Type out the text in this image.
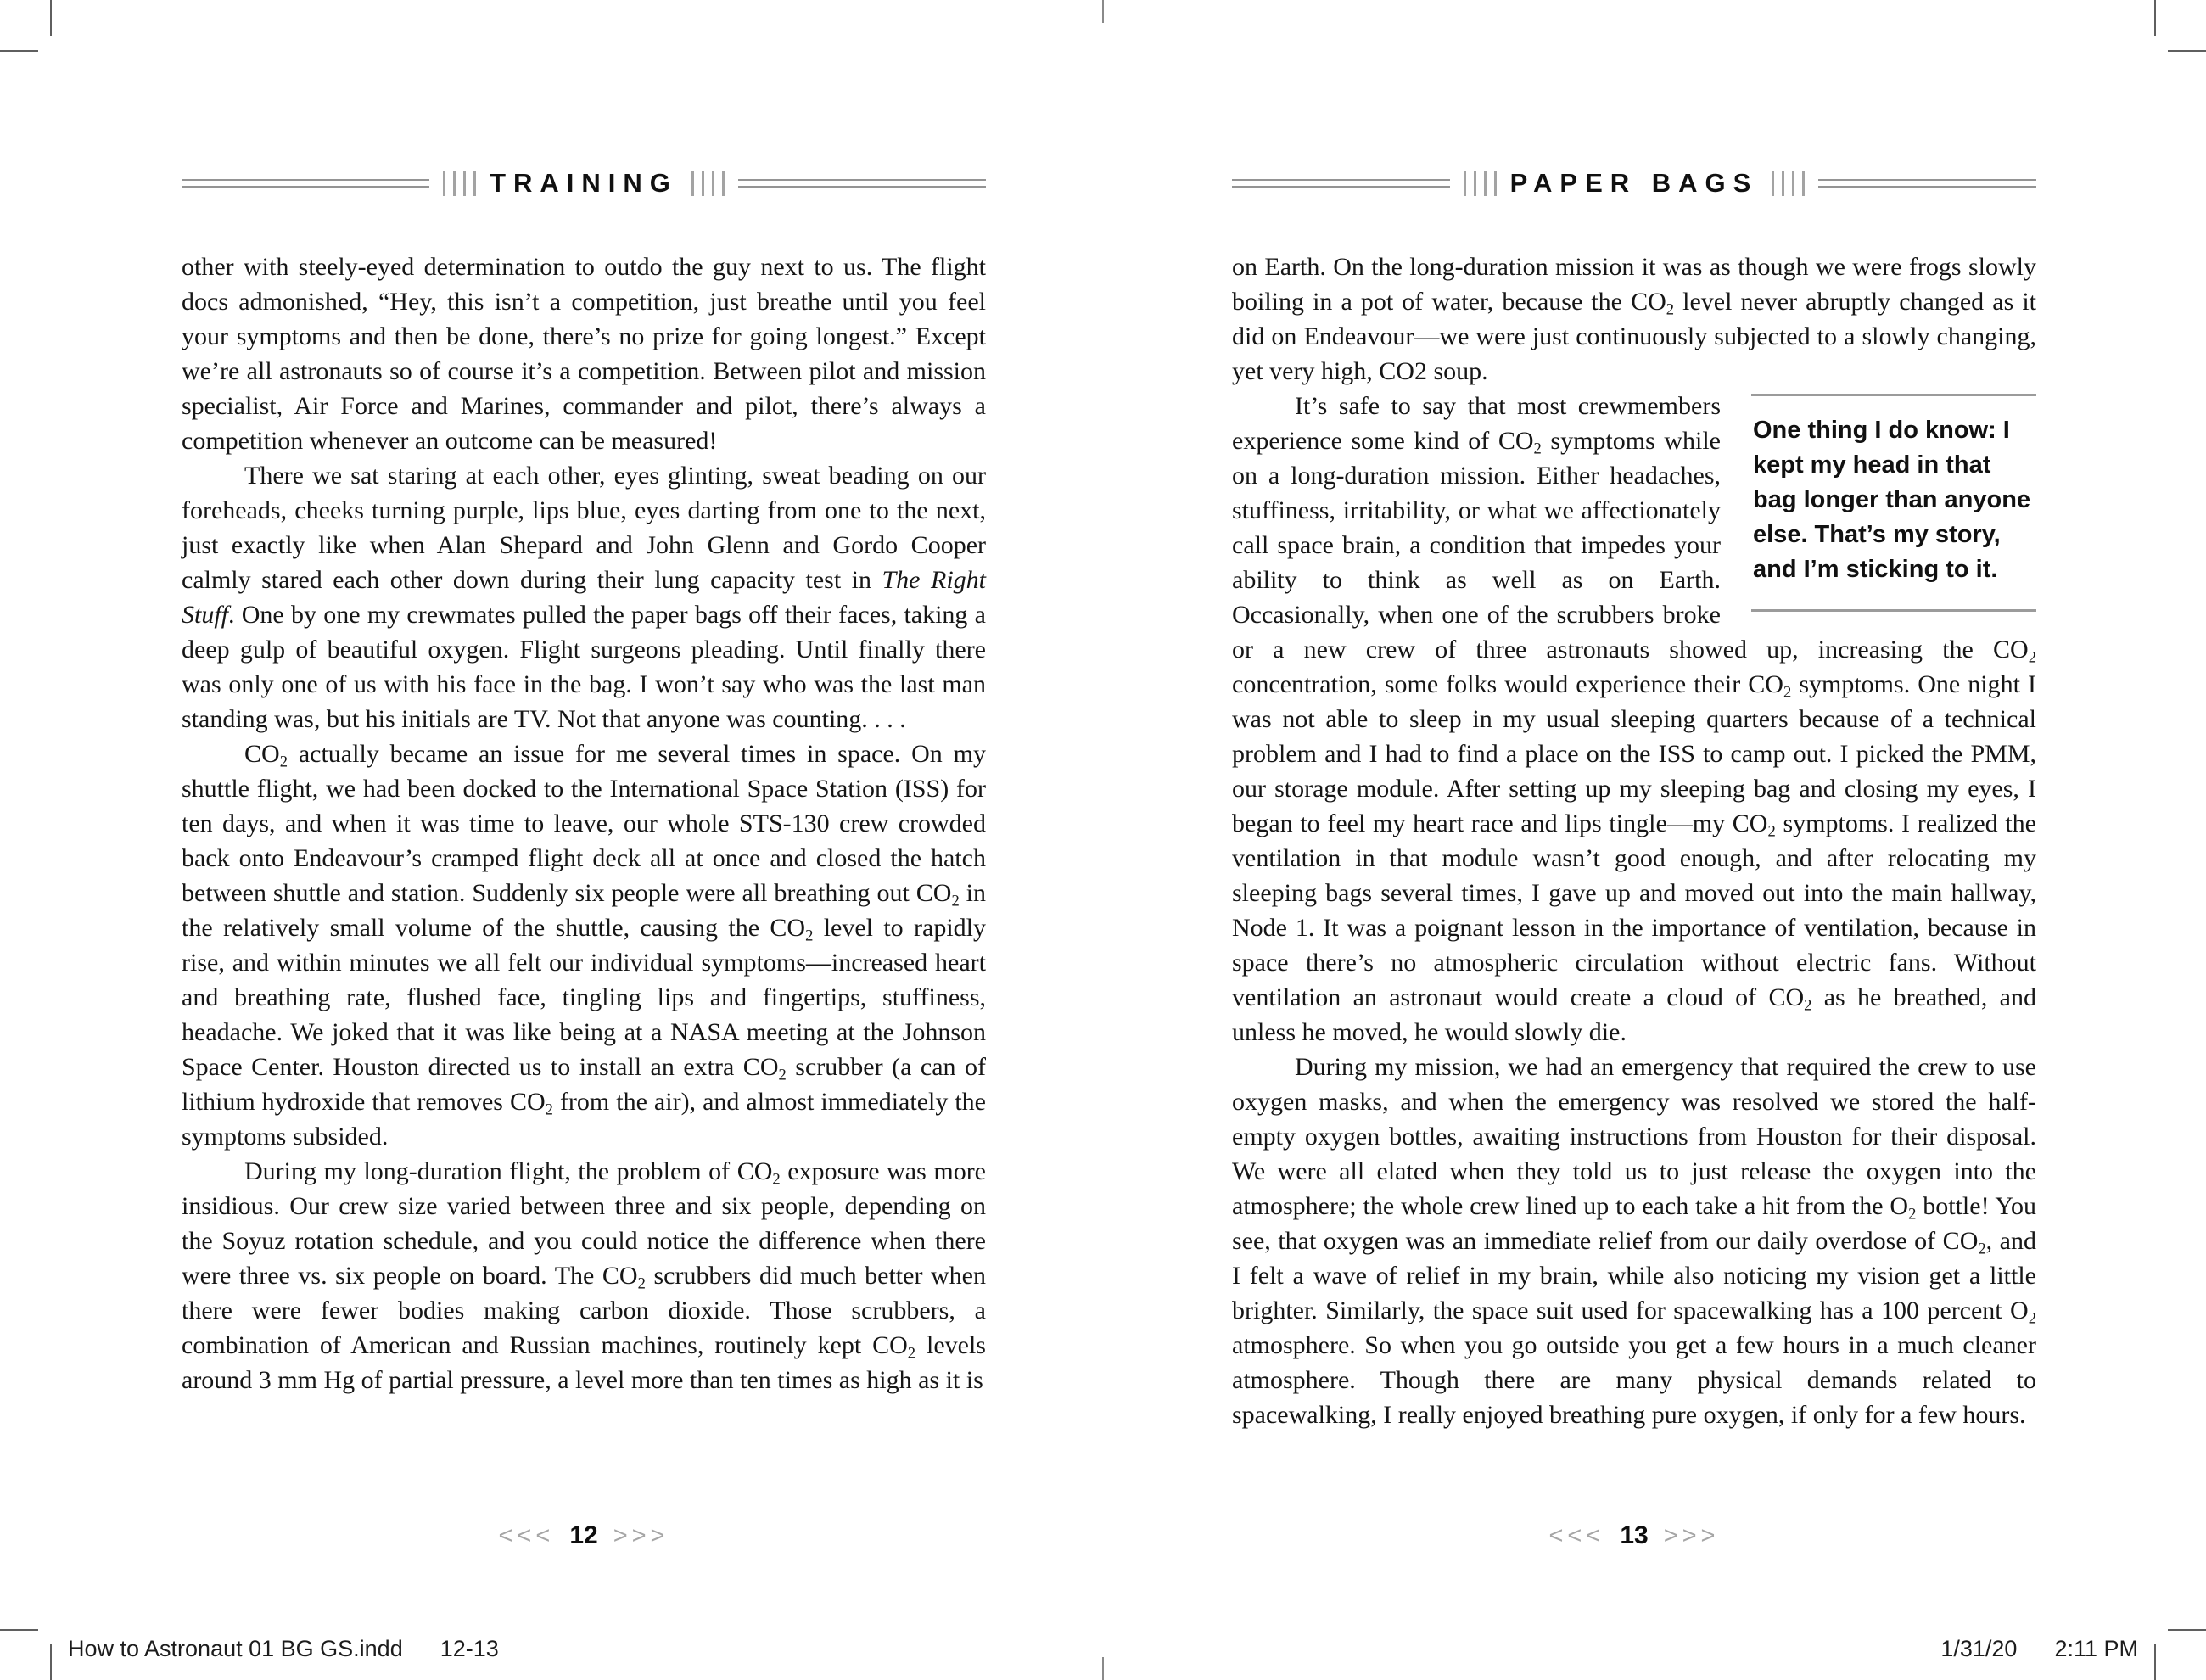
TRAINING

other with steely-eyed determination to outdo the guy next to us. The flight docs admonished, “Hey, this isn’t a competition, just breathe until you feel your symptoms and then be done, there’s no prize for going longest.” Except we’re all astronauts so of course it’s a competition. Between pilot and mission specialist, Air Force and Marines, commander and pilot, there’s always a competition whenever an outcome can be measured!

There we sat staring at each other, eyes glinting, sweat beading on our foreheads, cheeks turning purple, lips blue, eyes darting from one to the next, just exactly like when Alan Shepard and John Glenn and Gordo Cooper calmly stared each other down during their lung capacity test in The Right Stuff. One by one my crewmates pulled the paper bags off their faces, taking a deep gulp of beautiful oxygen. Flight surgeons pleading. Until finally there was only one of us with his face in the bag. I won’t say who was the last man standing was, but his initials are TV. Not that anyone was counting. . . .

$CO_2$ actually became an issue for me several times in space. On my shuttle flight, we had been docked to the International Space Station (ISS) for ten days, and when it was time to leave, our whole STS-130 crew crowded back onto Endeavour’s cramped flight deck all at once and closed the hatch between shuttle and station. Suddenly six people were all breathing out $CO_2$ in the relatively small volume of the shuttle, causing the $CO_2$ level to rapidly rise, and within minutes we all felt our individual symptoms—increased heart and breathing rate, flushed face, tingling lips and fingertips, stuffiness, headache. We joked that it was like being at a NASA meeting at the Johnson Space Center. Houston directed us to install an extra $CO_2$ scrubber (a can of lithium hydroxide that removes $CO_2$ from the air), and almost immediately the symptoms subsided.

During my long-duration flight, the problem of $CO_2$ exposure was more insidious. Our crew size varied between three and six people, depending on the Soyuz rotation schedule, and you could notice the difference when there were three vs. six people on board. The $CO_2$ scrubbers did much better when there were fewer bodies making carbon dioxide. Those scrubbers, a combination of American and Russian machines, routinely kept $CO_2$ levels around 3 mm Hg of partial pressure, a level more than ten times as high as it is

<<< 12 >>>
PAPER BAGS

on Earth. On the long-duration mission it was as though we were frogs slowly boiling in a pot of water, because the $CO_2$ level never abruptly changed as it did on Endeavour—we were just continuously subjected to a slowly changing, yet very high, CO2 soup.

One thing I do know: I kept my head in that bag longer than anyone else. That’s my story, and I’m sticking to it.

It’s safe to say that most crewmembers experience some kind of $CO_2$ symptoms while on a long-duration mission. Either headaches, stuffiness, irritability, or what we affectionately call space brain, a condition that impedes your ability to think as well as on Earth. Occasionally, when one of the scrubbers broke or a new crew of three astronauts showed up, increasing the $CO_2$ concentration, some folks would experience their $CO_2$ symptoms. One night I was not able to sleep in my usual sleeping quarters because of a technical problem and I had to find a place on the ISS to camp out. I picked the PMM, our storage module. After setting up my sleeping bag and closing my eyes, I began to feel my heart race and lips tingle—my $CO_2$ symptoms. I realized the ventilation in that module wasn’t good enough, and after relocating my sleeping bags several times, I gave up and moved out into the main hallway, Node 1. It was a poignant lesson in the importance of ventilation, because in space there’s no atmospheric circulation without electric fans. Without ventilation an astronaut would create a cloud of $CO_2$ as he breathed, and unless he moved, he would slowly die.

During my mission, we had an emergency that required the crew to use oxygen masks, and when the emergency was resolved we stored the half-empty oxygen bottles, awaiting instructions from Houston for their disposal. We were all elated when they told us to just release the oxygen into the atmosphere; the whole crew lined up to each take a hit from the $O_2$ bottle! You see, that oxygen was an immediate relief from our daily overdose of $CO_2$, and I felt a wave of relief in my brain, while also noticing my vision get a little brighter. Similarly, the space suit used for spacewalking has a 100 percent $O_2$ atmosphere. So when you go outside you get a few hours in a much cleaner atmosphere. Though there are many physical demands related to spacewalking, I really enjoyed breathing pure oxygen, if only for a few hours.

<<< 13 >>>
How to Astronaut 01 BG GS.indd 12-13	1/31/20 2:11 PM
